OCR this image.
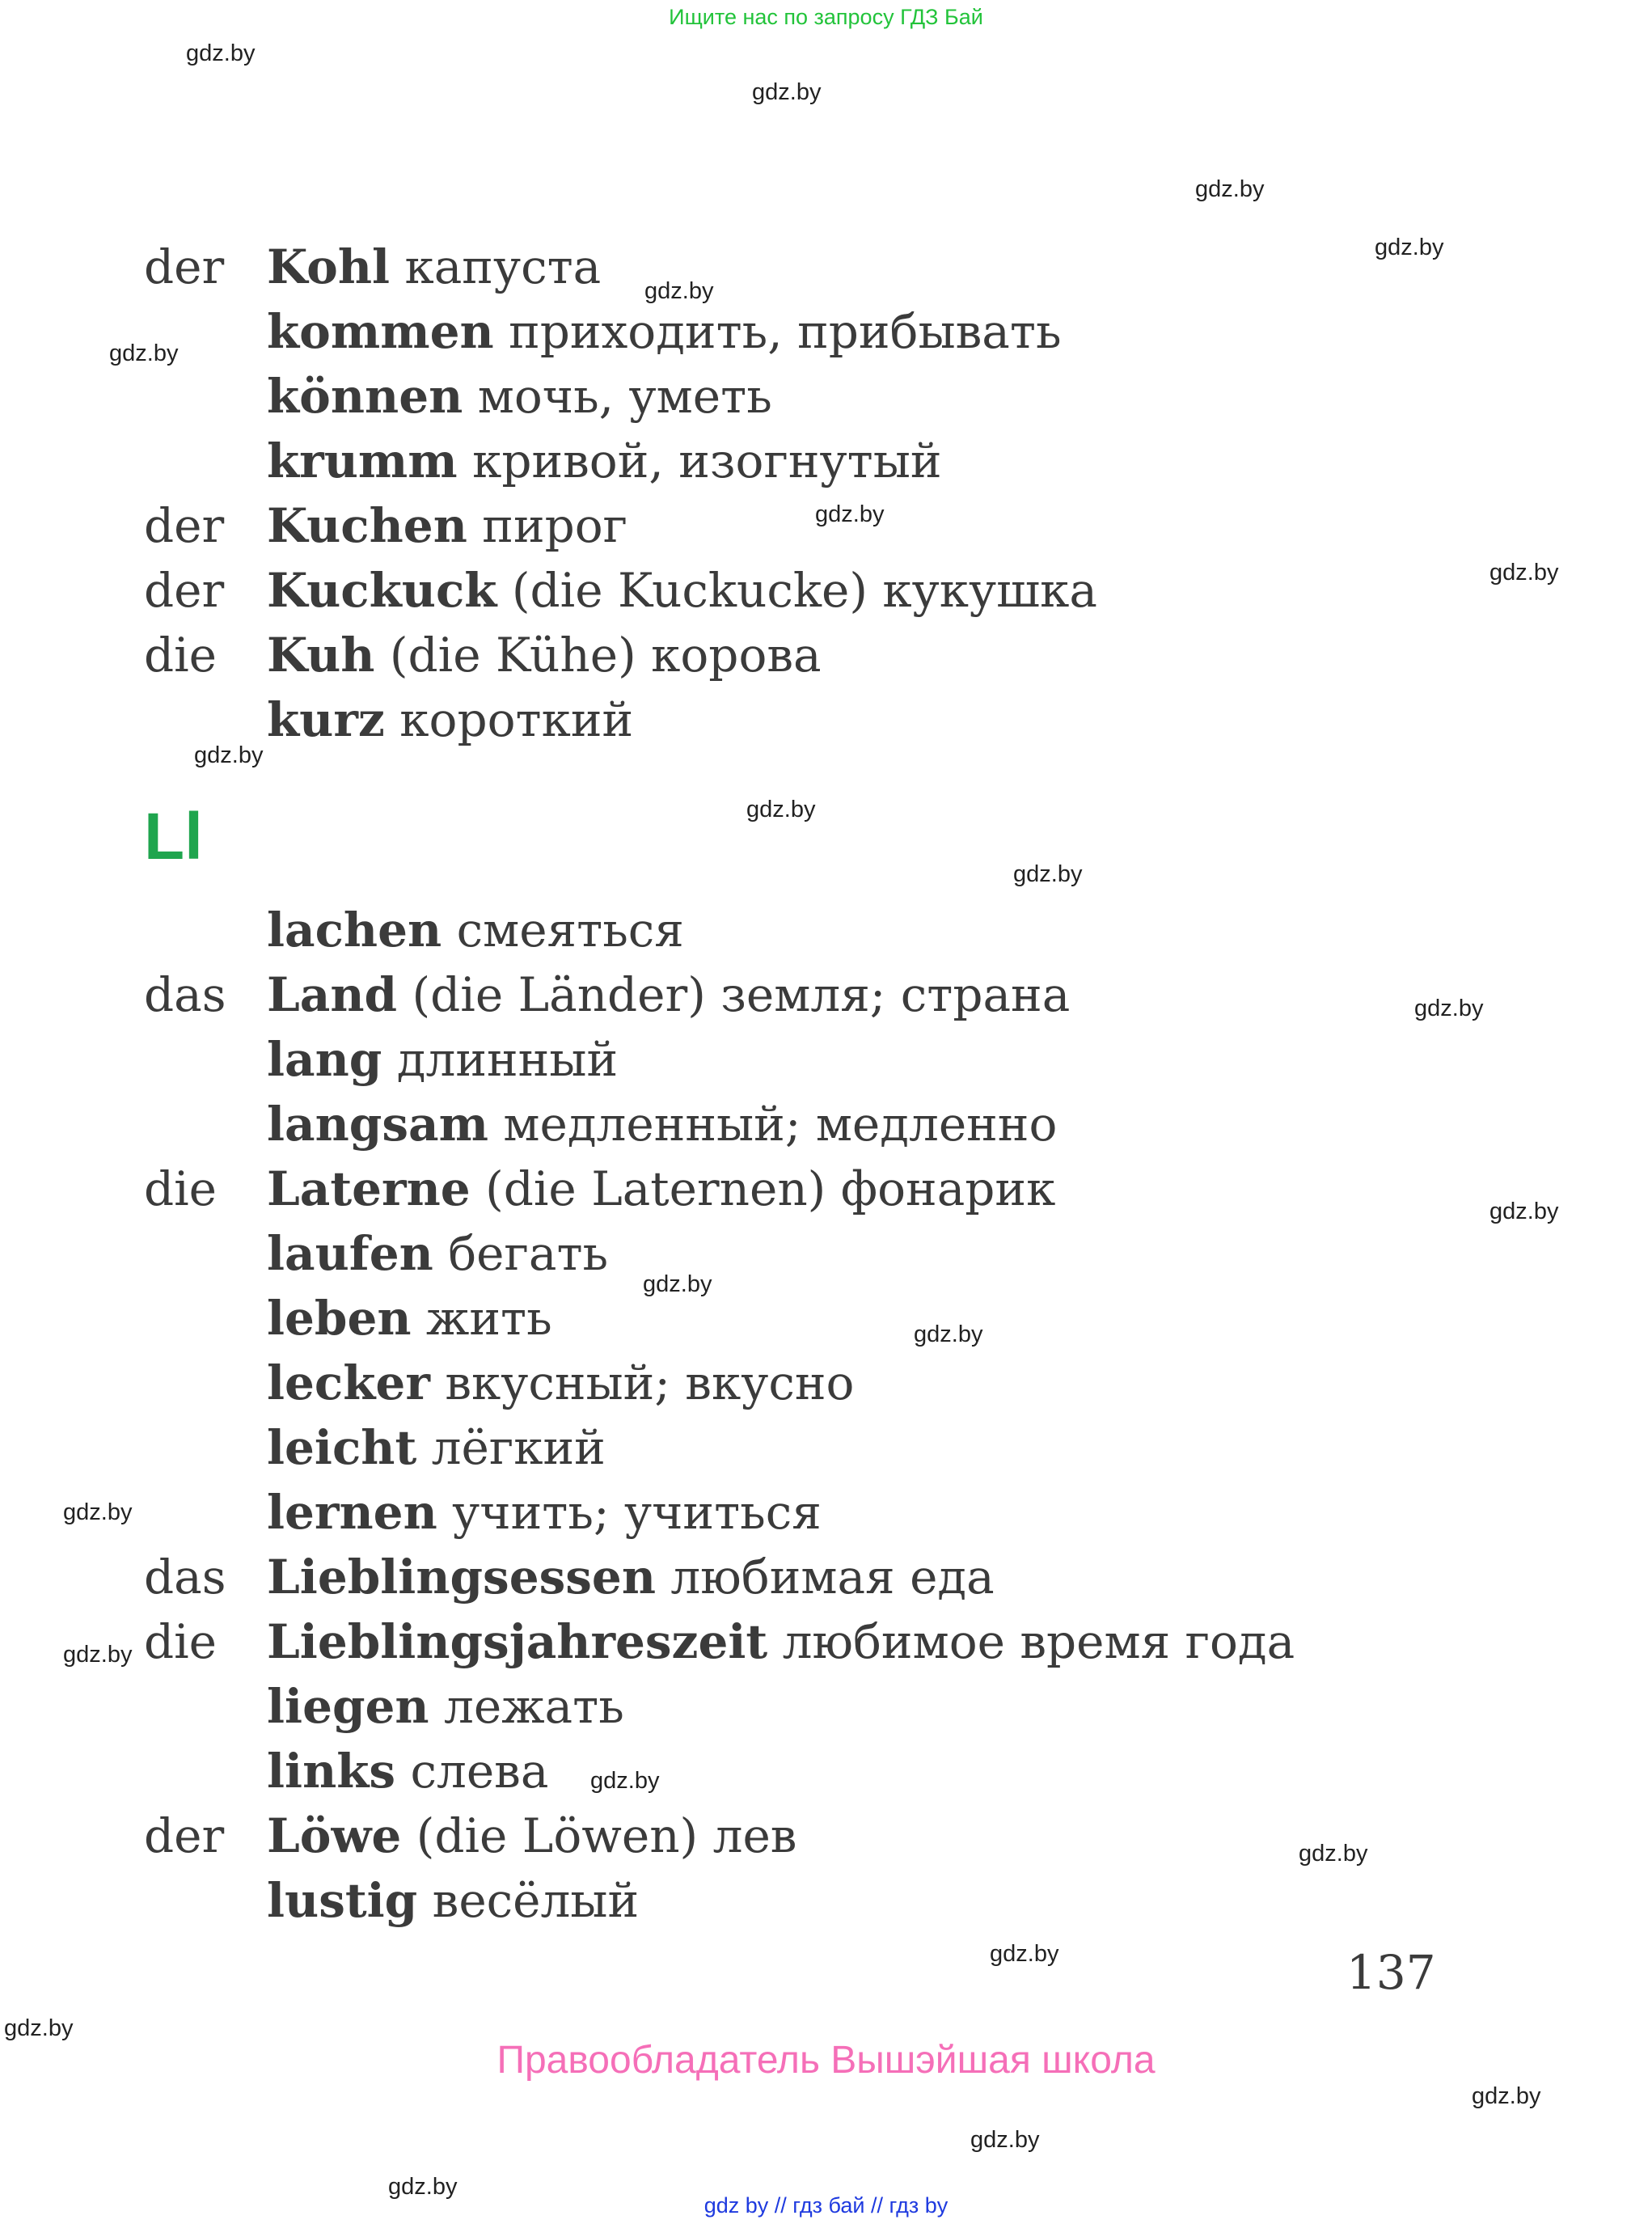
Ищите нас по запросу ГДЗ Бай
gdz.by
gdz.by
gdz.by
gdz.by
gdz.by
gdz.by
gdz.by
gdz.by
gdz.by
gdz.by
gdz.by
gdz.by
gdz.by
gdz.by
gdz.by
gdz.by
gdz.by
gdz.by
gdz.by
gdz.by
gdz.by
gdz.by
gdz.by
gdz.by
der Kohl капуста
kommen приходить, прибывать
können мочь, уметь
krumm кривой, изогнутый
der Kuchen пирог
der Kuckuck (die Kuckucke) кукушка
die Kuh (die Kühe) корова
kurz короткий
Ll
lachen смеяться
das Land (die Länder) земля; страна
lang длинный
langsam медленный; медленно
die Laterne (die Laternen) фонарик
laufen бегать
leben жить
lecker вкусный; вкусно
leicht лёгкий
lernen учить; учиться
das Lieblingsessen любимая еда
die Lieblingsjahreszeit любимое время года
liegen лежать
links слева
der Löwe (die Löwen) лев
lustig весёлый
137
Правообладатель Вышэйшая школа
gdz by // гдз бай // гдз by
